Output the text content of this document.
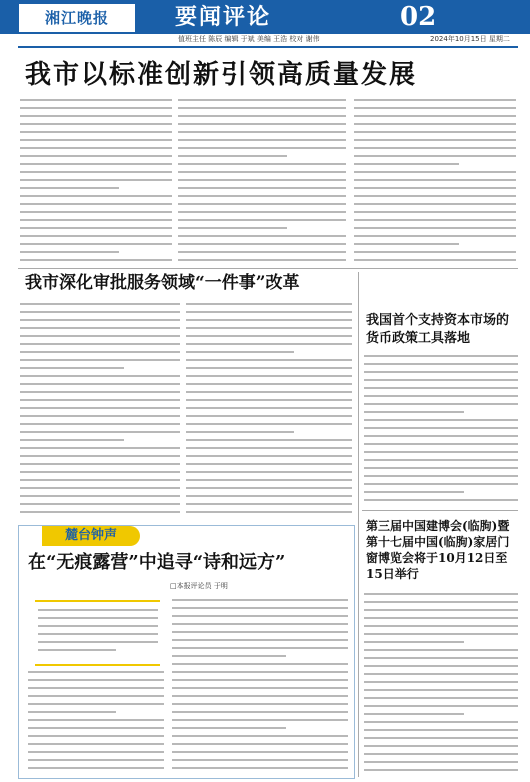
湘江晚报	要闻评论	02
值班主任 陈辰 编辑 于斌 美编 王浩 校对 谢伟	2024年10月15日 星期二
我市以标准创新引领高质量发展
我市深化审批服务领域“一件事”改革
我国首个支持资本市场的货币政策工具落地
第三届中国建博会(临朐)暨第十七届中国(临朐)家居门窗博览会将于10月12日至15日举行
麓台钟声
在“无痕露营”中追寻“诗和远方”
□本报评论员 于明
